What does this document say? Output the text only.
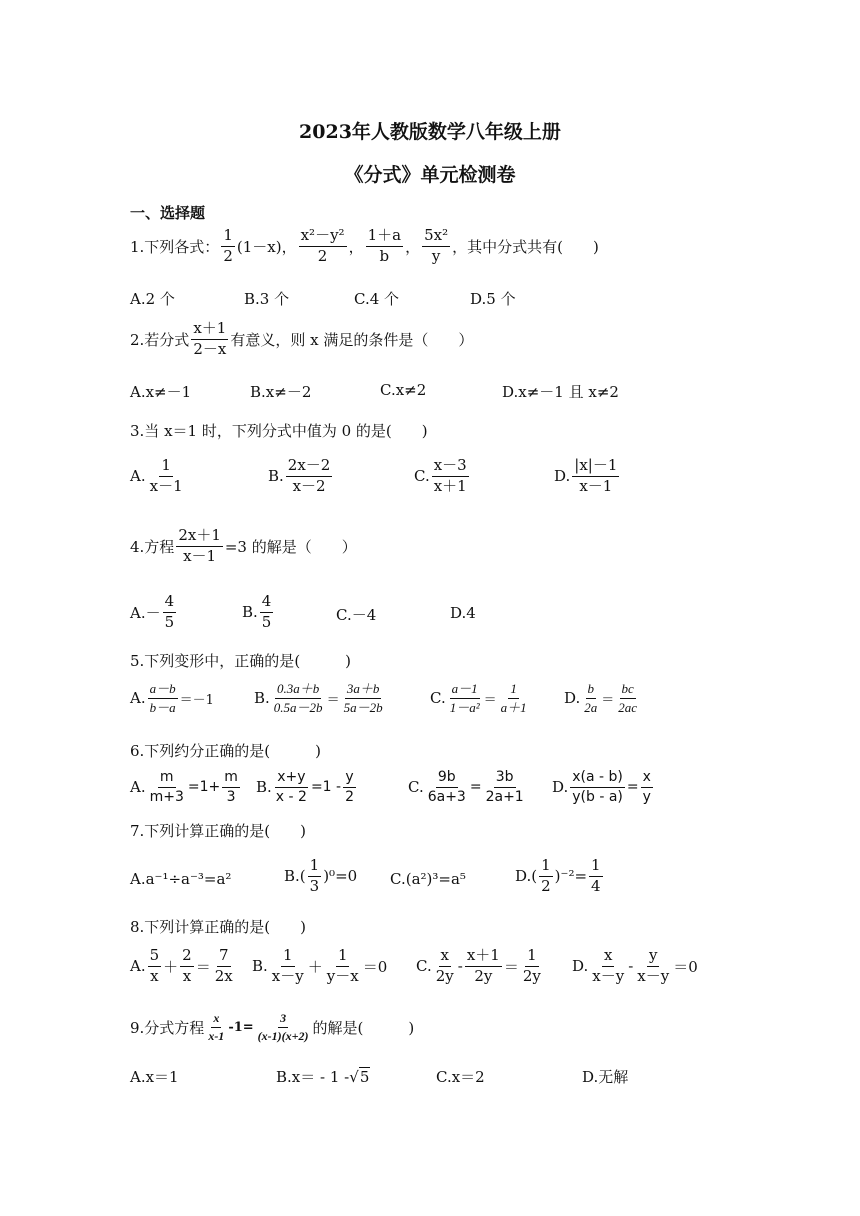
2023年人教版数学八年级上册
《分式》单元检测卷
一、选择题
1.下列各式： $\frac{1}{2} (1-x)$ ， $\frac{\text{x²－y²}}{2}$ ， $\frac{1+a}{b}$ ， $\frac{\text{5x²}}{y}$ ，其中分式共有(　　)
A.2 个	B.3 个	C.4 个	D.5 个
2.若分式 $\frac{x+1}{2-x}$ 有意义，则 x 满足的条件是（　　）
A.x≠－1	B.x≠－2	C.x≠2	D.x≠－1 且 x≠2
3.当 x＝1 时，下列分式中值为 0 的是(　　)
A. $\frac{1}{x-1}$	B. $\frac{2x-2}{x-2}$	C. $\frac{x-3}{x+1}$	D. $\frac{|x|-1}{x-1}$
4.方程 $\frac{2x+1}{x-1} =3$ 的解是（　　）
$A.- \frac{4}{5}$	B. $\frac{4}{5}$	C.－4	D.4
5.下列变形中，正确的是(　　　)
A. $\frac{a-b}{b-a} =-1$	B. $\frac{0.3a+b}{0.5a-2b} = \frac{3a+b}{5a-2b}$	C. $\frac{a-1}{\text{1－a²}} = \frac{1}{a+1} D$. $\frac{b}{2a} = \frac{bc}{2ac}$
6.下列约分正确的是(　　　)
A. $\frac{m}{m+3} =1+ \frac{m}{3} B$. $\frac{x+y}{x - 2} =1 - \frac{y}{2}$	C. $\frac{9b}{6a+3} = \frac{3b}{2a+1} D$. $\frac{x(a - b)}{y(b - a)} = \frac{x}{y}$
7.下列计算正确的是(　　)
A.a⁻¹÷a⁻³=a²	$B.( \frac{1}{3} )^0=0$ C.(a²)³=a⁵	$D.( \frac{1}{2} )^{-2}= \frac{1}{4}$
8.下列计算正确的是(　　)
A. $\frac{5}{x} + \frac{2}{x} = \frac{7}{2x} B$. $\frac{1}{x-y} + \frac{1}{y-x} =0$ C. $\frac{x}{2y} - \frac{x+1}{2y} = \frac{1}{2y} D$. $\frac{x}{x-y} - \frac{y}{x-y} =0$
9.分式方程 $\frac{x}{x-1} -1= \frac{3}{(x-1)(x+2)}$ 的解是(　　　)
A.x＝1	B.x＝ - 1 - √ 5	C.x＝2	D.无解
